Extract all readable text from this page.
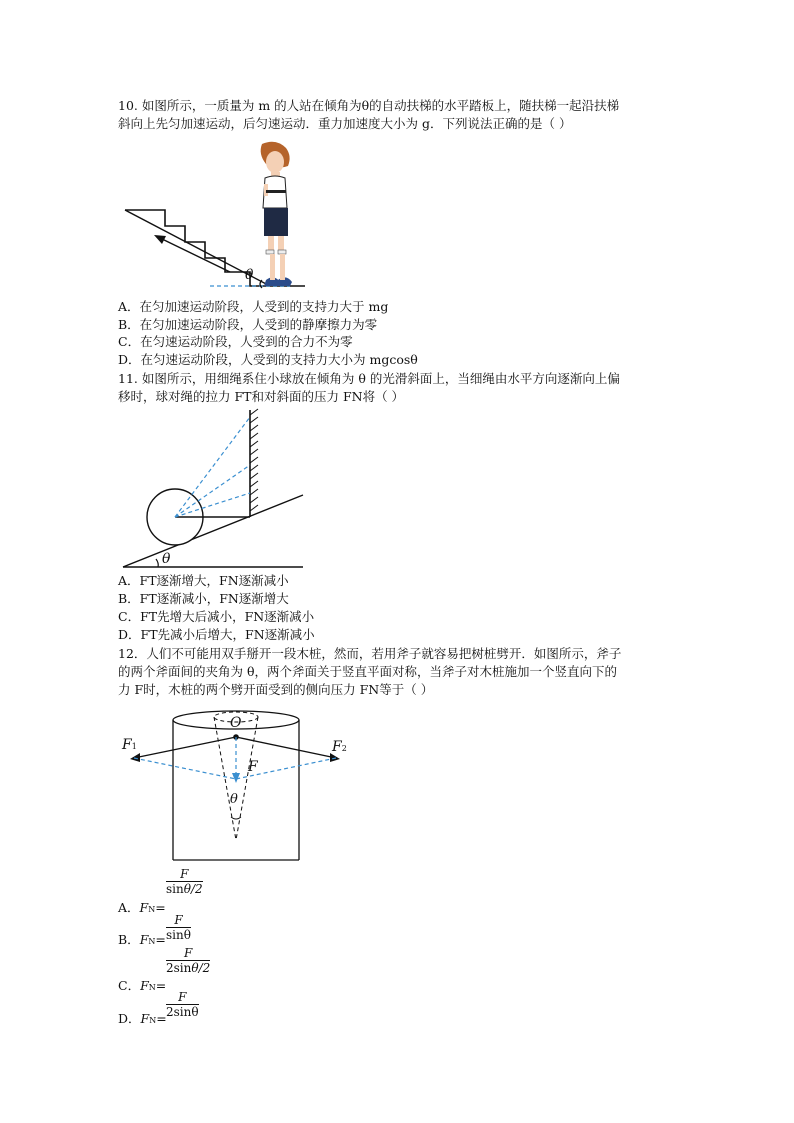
10. 如图所示，一质量为 m 的人站在倾角为θ的自动扶梯的水平踏板上，随扶梯一起沿扶梯
斜向上先匀加速运动，后匀速运动．重力加速度大小为 g．下列说法正确的是（ ）
θ
A．在匀加速运动阶段，人受到的支持力大于 mg
B．在匀加速运动阶段，人受到的静摩擦力为零
C．在匀速运动阶段，人受到的合力不为零
D．在匀速运动阶段，人受到的支持力大小为 mgcosθ
11. 如图所示，用细绳系住小球放在倾角为 θ 的光滑斜面上，当细绳由水平方向逐渐向上偏
移时，球对绳的拉力 FT和对斜面的压力 FN将（ ）
θ
A．FT逐渐增大，FN逐渐减小
B．FT逐渐减小，FN逐渐增大
C．FT先增大后减小，FN逐渐减小
D．FT先减小后增大，FN逐渐减小
12．人们不可能用双手掰开一段木桩，然而，若用斧子就容易把树桩劈开．如图所示，斧子
的两个斧面间的夹角为 θ，两个斧面关于竖直平面对称，当斧子对木桩施加一个竖直向下的
力 F时，木桩的两个劈开面受到的侧向压力 FN等于（ ）
O
F1	F2
F
θ
A．FN=
$\frac{F}{\sin\theta/2}$
B．$FN= \frac{F}{\sin\theta}$
C．FN=
$\frac{F}{2\sin\theta/2}$
D．$FN= \frac{F}{2\sin\theta}$
